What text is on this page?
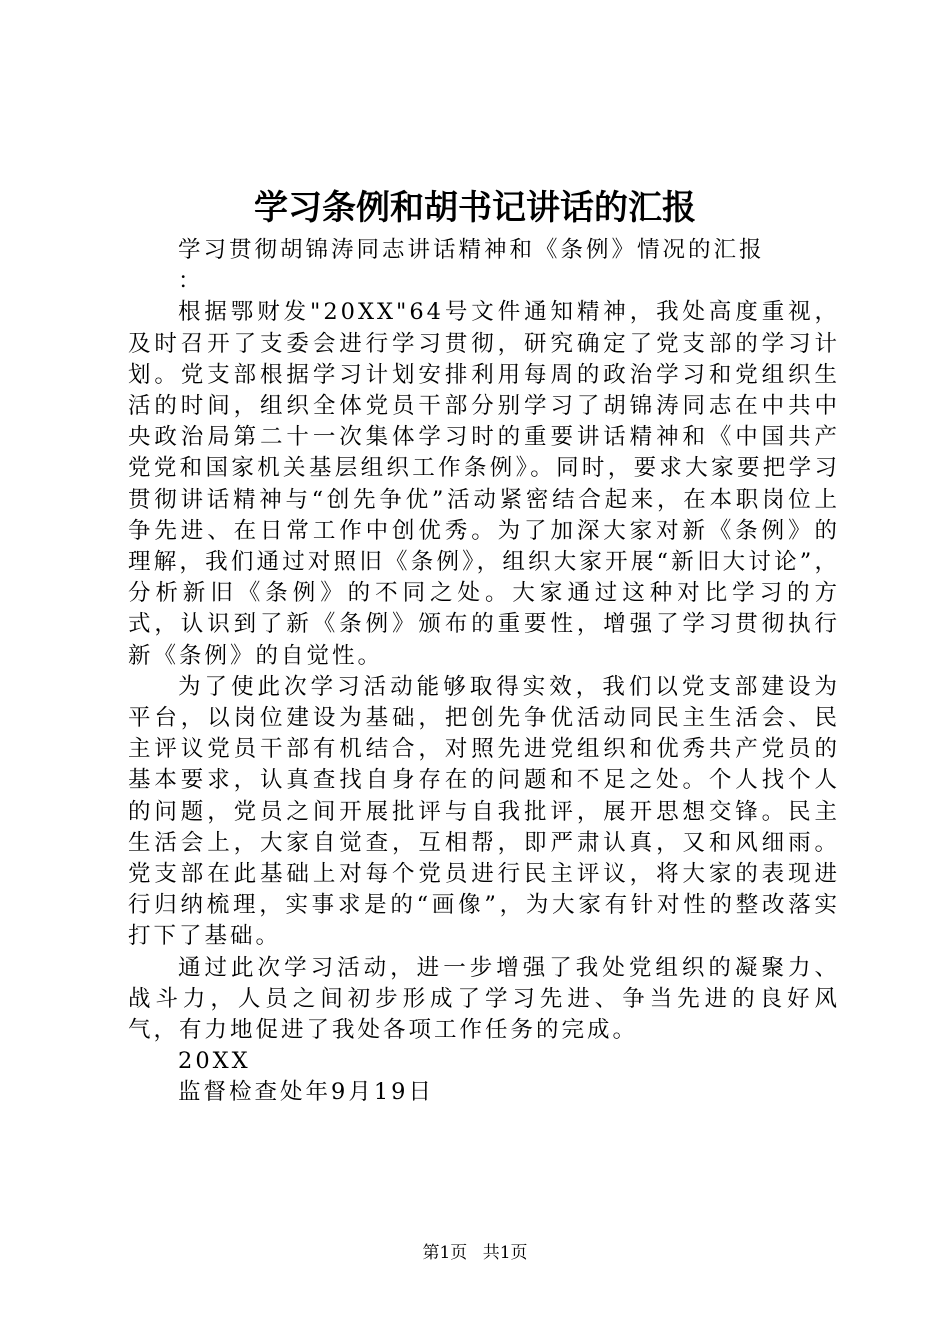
学习条例和胡书记讲话的汇报

学习贯彻胡锦涛同志讲话精神和《条例》情况的汇报

：

根据鄂财发"20XX"64号文件通知精神，我处高度重视，及时召开了支委会进行学习贯彻，研究确定了党支部的学习计划。党支部根据学习计划安排利用每周的政治学习和党组织生活的时间，组织全体党员干部分别学习了胡锦涛同志在中共中央政治局第二十一次集体学习时的重要讲话精神和《中国共产党党和国家机关基层组织工作条例》。同时，要求大家要把学习贯彻讲话精神与“创先争优”活动紧密结合起来，在本职岗位上争先进、在日常工作中创优秀。为了加深大家对新《条例》的理解，我们通过对照旧《条例》，组织大家开展“新旧大讨论”，分析新旧《条例》的不同之处。大家通过这种对比学习的方式，认识到了新《条例》颁布的重要性，增强了学习贯彻执行新《条例》的自觉性。

为了使此次学习活动能够取得实效，我们以党支部建设为平台，以岗位建设为基础，把创先争优活动同民主生活会、民主评议党员干部有机结合，对照先进党组织和优秀共产党员的基本要求，认真查找自身存在的问题和不足之处。个人找个人的问题，党员之间开展批评与自我批评，展开思想交锋。民主生活会上，大家自觉查，互相帮，即严肃认真，又和风细雨。党支部在此基础上对每个党员进行民主评议，将大家的表现进行归纳梳理，实事求是的“画像”，为大家有针对性的整改落实打下了基础。

通过此次学习活动，进一步增强了我处党组织的凝聚力、战斗力，人员之间初步形成了学习先进、争当先进的良好风气，有力地促进了我处各项工作任务的完成。

20XX

监督检查处年9月19日

第1页 共1页
